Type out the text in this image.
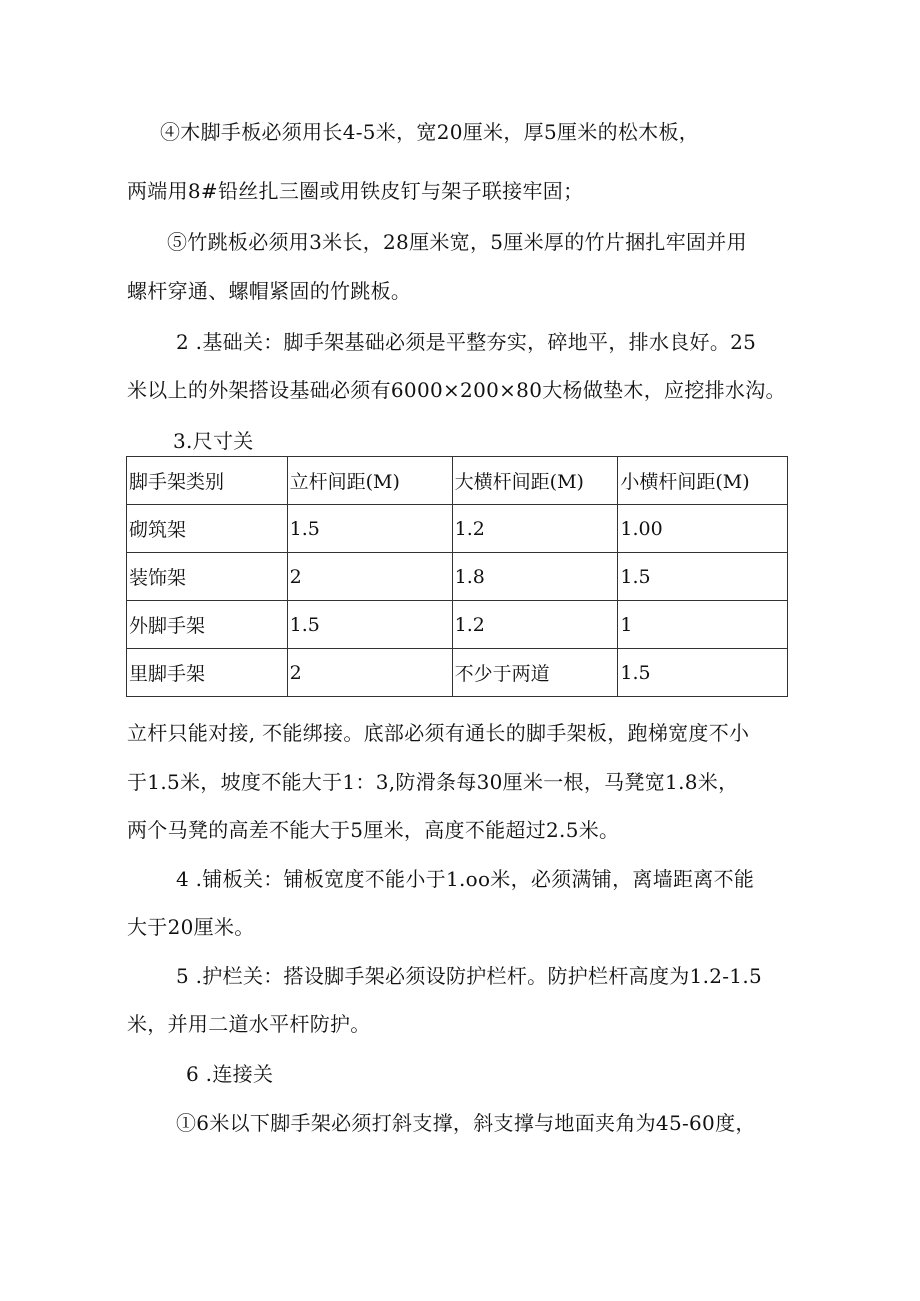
④木脚手板必须用长4-5米，宽20厘米，厚5厘米的松木板，
两端用8#铅丝扎三圈或用铁皮钉与架子联接牢固；
⑤竹跳板必须用3米长，28厘米宽，5厘米厚的竹片捆扎牢固并用
螺杆穿通、螺帽紧固的竹跳板。
2 .基础关：脚手架基础必须是平整夯实，碎地平，排水良好。25
米以上的外架搭设基础必须有6000×200×80大杨做垫木，应挖排水沟。
3.尺寸关
脚手架类别	立杆间距(M)	大横杆间距(M)	小横杆间距(M)
砌筑架	1.5	1.2	1.00
装饰架	2	1.8	1.5
外脚手架	1.5	1.2	1
里脚手架	2	不少于两道	1.5
立杆只能对接, 不能绑接。底部必须有通长的脚手架板，跑梯宽度不小
于1.5米，坡度不能大于1：3,防滑条每30厘米一根，马凳宽1.8米，
两个马凳的高差不能大于5厘米，高度不能超过2.5米。
4 .铺板关：铺板宽度不能小于1.oo米，必须满铺，离墙距离不能
大于20厘米。
5 .护栏关：搭设脚手架必须设防护栏杆。防护栏杆高度为1.2-1.5
米，并用二道水平杆防护。
6 .连接关
①6米以下脚手架必须打斜支撑，斜支撑与地面夹角为45-60度，
